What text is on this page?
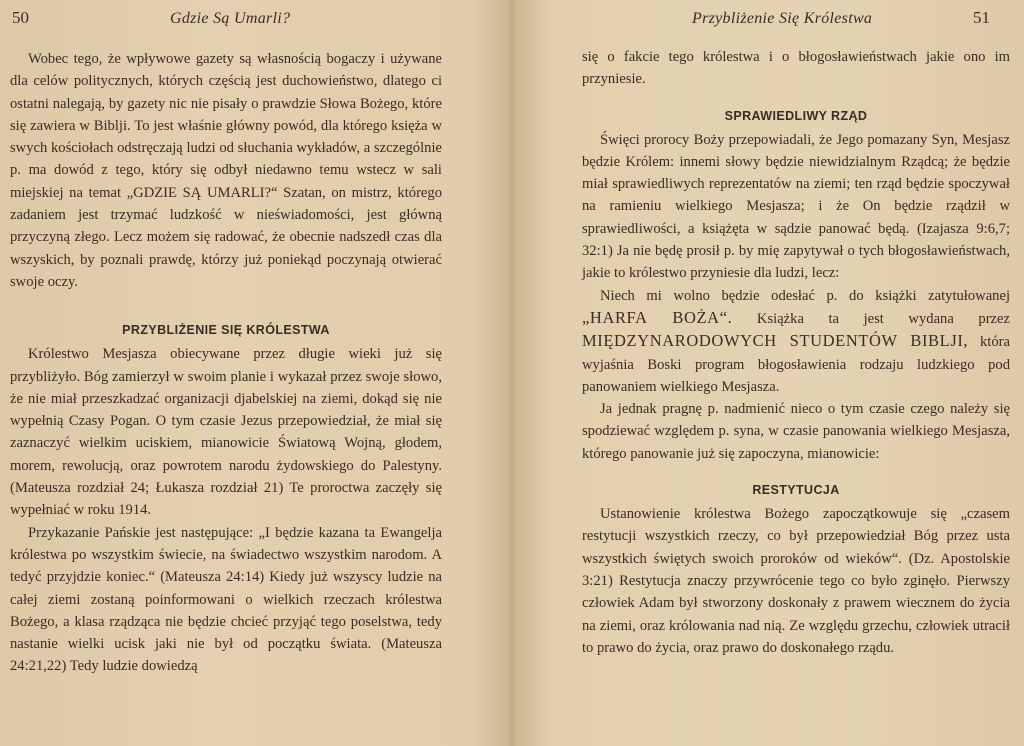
50	Gdzie Są Umarli?

Wobec tego, że wpływowe gazety są własnością bogaczy i używane dla celów politycznych, których częścią jest duchowieństwo, dlatego ci ostatni nalegają, by gazety nic nie pisały o prawdzie Słowa Bożego, które się zawiera w Biblji. To jest właśnie główny powód, dla którego księża w swych kościołach odstręczają ludzi od słuchania wykładów, a szczególnie p. ma dowód z tego, który się odbył niedawno temu wstecz w sali miejskiej na temat „GDZIE SĄ UMARLI?“ Szatan, on mistrz, którego zadaniem jest trzymać ludzkość w nieświadomości, jest główną przyczyną złego. Lecz możem się radować, że obecnie nadszedł czas dla wszyskich, by poznali prawdę, którzy już poniekąd poczynają otwierać swoje oczy.

PRZYBLIŻENIE SIĘ KRÓLESTWA

Królestwo Mesjasza obiecywane przez długie wieki już się przybliżyło. Bóg zamierzył w swoim planie i wykazał przez swoje słowo, że nie miał przeszkadzać organizacji djabelskiej na ziemi, dokąd się nie wypełnią Czasy Pogan. O tym czasie Jezus przepowiedział, że miał się zaznaczyć wielkim uciskiem, mianowicie Światową Wojną, głodem, morem, rewolucją, oraz powrotem narodu żydowskiego do Palestyny. (Mateusza rozdział 24; Łukasza rozdział 21) Te proroctwa zaczęły się wypełniać w roku 1914.

Przykazanie Pańskie jest następujące: „I będzie kazana ta Ewangelja królestwa po wszystkim świecie, na świadectwo wszystkim narodom. A tedyć przyjdzie koniec.“ (Mateusza 24:14) Kiedy już wszyscy ludzie na całej ziemi zostaną poinformowani o wielkich rzeczach królestwa Bożego, a klasa rządząca nie będzie chcieć przyjąć tego poselstwa, tedy nastanie wielki ucisk jaki nie był od początku świata. (Mateusza 24:21,22) Tedy ludzie dowiedzą

Przybliżenie Się Królestwa	51

się o fakcie tego królestwa i o błogosławieństwach jakie ono im przyniesie.

SPRAWIEDLIWY RZĄD

Święci prorocy Boży przepowiadali, że Jego pomazany Syn, Mesjasz będzie Królem: innemi słowy będzie niewidzialnym Rządcą; że będzie miał sprawiedliwych reprezentatów na ziemi; ten rząd będzie spoczywał na ramieniu wielkiego Mesjasza; i że On będzie rządził w sprawiedliwości, a książęta w sądzie panować będą. (Izajasza 9:6,7; 32:1) Ja nie będę prosił p. by mię zapytywał o tych błogosławieństwach, jakie to królestwo przyniesie dla ludzi, lecz:

Niech mi wolno będzie odesłać p. do książki zatytułowanej „HARFA BOŻA“. Książka ta jest wydana przez MIĘDZYNARODOWYCH STUDENTÓW BIBLJI, która wyjaśnia Boski program błogosławienia rodzaju ludzkiego pod panowaniem wielkiego Mesjasza.

Ja jednak pragnę p. nadmienić nieco o tym czasie czego należy się spodziewać względem p. syna, w czasie panowania wielkiego Mesjasza, którego panowanie już się zapoczyna, mianowicie:

RESTYTUCJA

Ustanowienie królestwa Bożego zapoczątkowuje się „czasem restytucji wszystkich rzeczy, co był przepowiedział Bóg przez usta wszystkich świętych swoich proroków od wieków“. (Dz. Apostolskie 3:21) Restytucja znaczy przywrócenie tego co było zginęło. Pierwszy człowiek Adam był stworzony doskonały z prawem wiecznem do życia na ziemi, oraz królowania nad nią. Ze względu grzechu, człowiek utracił to prawo do życia, oraz prawo do doskonałego rządu.
